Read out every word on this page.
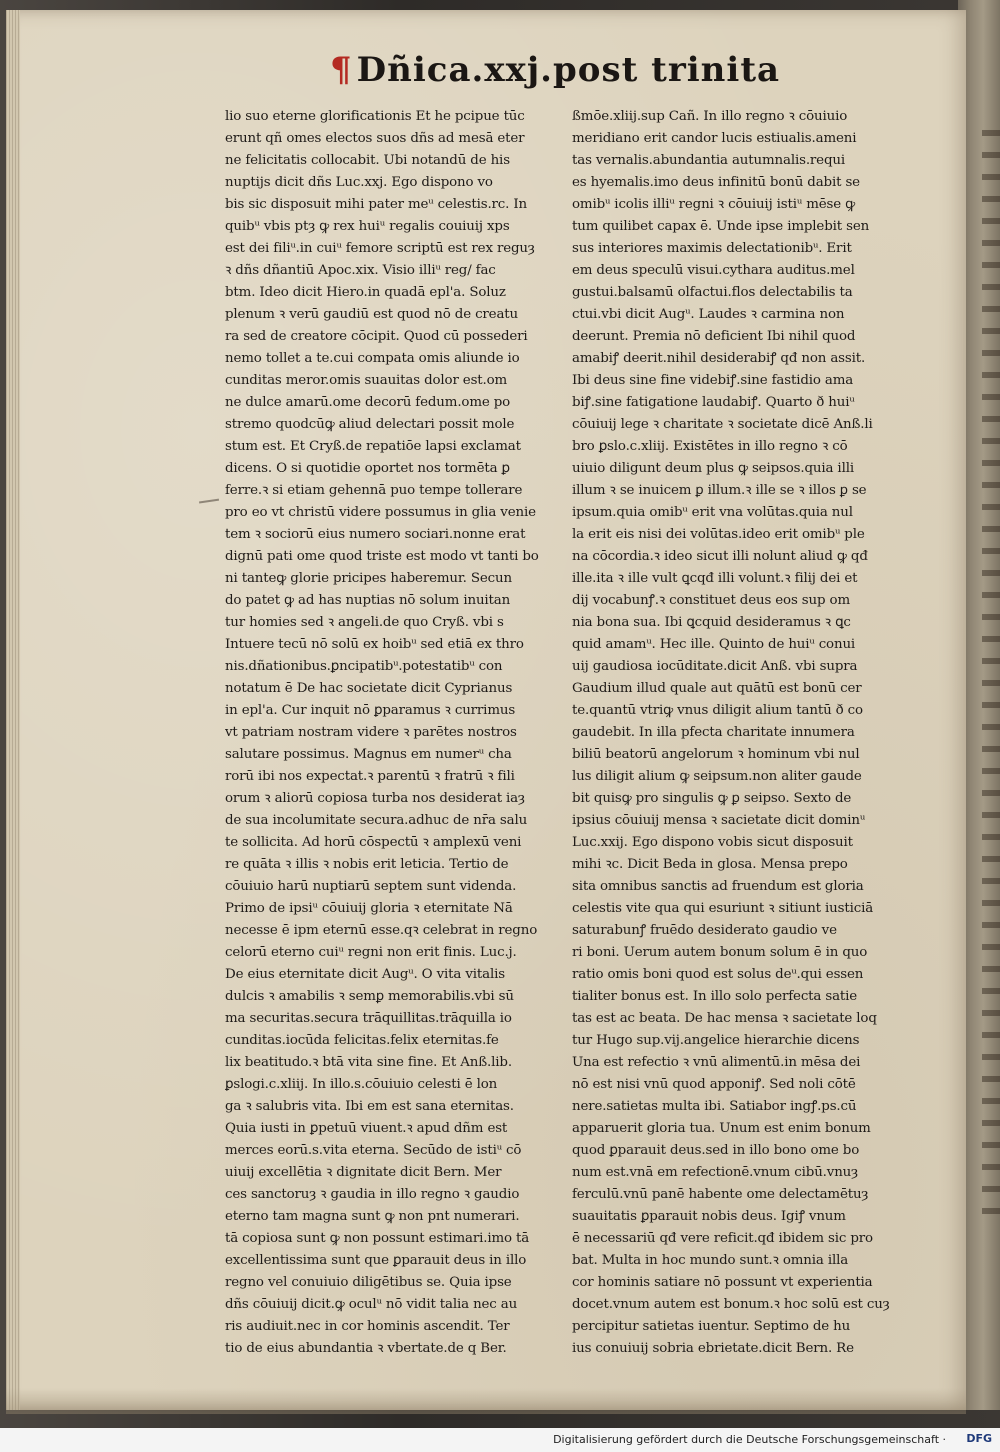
¶ Dñica.xxj.post trinita
lio suo eterne glorificationis Et he pcipue tūc
erunt qñ omes electos suos dñs ad mesā eter
ne felicitatis collocabit. Ubi notandū de his
nuptijs dicit dñs Luc.xxj. Ego dispono vo
bis sic disposuit mihi pater meᵘ celestis.rc. In
quibᵘ vbis ptȝ ꝙ rex huiᵘ regalis couiuij xps
est dei filiᵘ.in cuiᵘ femore scriptū est rex reguȝ
ꝛ dñs dñantiū Apoc.xix. Visio illiᵘ reg/ fac
btm. Ideo dicit Hiero.in quadā epl'a. Soluz
plenum ꝛ verū gaudiū est quod nō de creatu
ra sed de creatore cōcipit. Quod cū possederi
nemo tollet a te.cui compata omis aliunde io
cunditas meror.omis suauitas dolor est.om
ne dulce amarū.ome decorū fedum.ome po
stremo quodcūꝙ aliud delectari possit mole
stum est. Et Cryß.de repatiōe lapsi exclamat
dicens. O si quotidie oportet nos tormēta ꝑ
ferre.ꝛ si etiam gehennā puo tempe tollerare
pro eo vt christū videre possumus in glia venie
tem ꝛ sociorū eius numero sociari.nonne erat
dignū pati ome quod triste est modo vt tanti bo
ni tanteꝙ glorie pricipes haberemur. Secun
do patet ꝙ ad has nuptias nō solum inuitan
tur homies sed ꝛ angeli.de quo Cryß. vbi s
Intuere tecū nō solū ex hoibᵘ sed etiā ex thro
nis.dñationibus.ꝑncipatibᵘ.potestatibᵘ con
notatum ē De hac societate dicit Cyprianus
in epl'a. Cur inquit nō ꝑparamus ꝛ currimus
vt patriam nostram videre ꝛ parētes nostros
salutare possimus. Magnus em numerᵘ cha
rorū ibi nos expectat.ꝛ parentū ꝛ fratrū ꝛ fili
orum ꝛ aliorū copiosa turba nos desiderat iaȝ
de sua incolumitate secura.adhuc de nr̄a salu
te sollicita. Ad horū cōspectū ꝛ amplexū veni
re quāta ꝛ illis ꝛ nobis erit leticia. Tertio de
cōuiuio harū nuptiarū septem sunt videnda.
Primo de ipsiᵘ cōuiuij gloria ꝛ eternitate Nā
necesse ē ipm eternū esse.qꝛ celebrat in regno
celorū eterno cuiᵘ regni non erit finis. Luc.j.
De eius eternitate dicit Augᵘ. O vita vitalis
dulcis ꝛ amabilis ꝛ semꝑ memorabilis.vbi sū
ma securitas.secura trāquillitas.trāquilla io
cunditas.iocūda felicitas.felix eternitas.fe
lix beatitudo.ꝛ btā vita sine fine. Et Anß.lib.
ꝑslogi.c.xliij. In illo.s.cōuiuio celesti ē lon
ga ꝛ salubris vita. Ibi em est sana eternitas.
Quia iusti in ꝑpetuū viuent.ꝛ apud dñm est
merces eorū.s.vita eterna. Secūdo de istiᵘ cō
uiuij excellētia ꝛ dignitate dicit Bern. Mer
ces sanctoruȝ ꝛ gaudia in illo regno ꝛ gaudio
eterno tam magna sunt ꝙ non pnt numerari.
tā copiosa sunt ꝙ non possunt estimari.imo tā
excellentissima sunt que ꝑparauit deus in illo
regno vel conuiuio diligētibus se. Quia ipse
dñs cōuiuij dicit.ꝙ oculᵘ nō vidit talia nec au
ris audiuit.nec in cor hominis ascendit. Ter
tio de eius abundantia ꝛ vbertate.de q Ber.
ßmōe.xliij.sup Cañ. In illo regno ꝛ cōuiuio
meridiano erit candor lucis estiualis.ameni
tas vernalis.abundantia autumnalis.requi
es hyemalis.imo deus infinitū bonū dabit se
omibᵘ icolis illiᵘ regni ꝛ cōuiuij istiᵘ mēse ꝙ
tum quilibet capax ē. Unde ipse implebit sen
sus interiores maximis delectationibᵘ. Erit
em deus speculū visui.cythara auditus.mel
gustui.balsamū olfactui.flos delectabilis ta
ctui.vbi dicit Augᵘ. Laudes ꝛ carmina non
deerunt. Premia nō deficient Ibi nihil quod
amabiꝭ deerit.nihil desiderabiꝭ qđ non assit.
Ibi deus sine fine videbiꝭ.sine fastidio ama
biꝭ.sine fatigatione laudabiꝭ. Quarto ð huiᵘ
cōuiuij lege ꝛ charitate ꝛ societate dicē Anß.li
bro ꝑslo.c.xliij. Existētes in illo regno ꝛ cō
uiuio diligunt deum plus ꝙ seipsos.quia illi
illum ꝛ se inuicem ꝑ illum.ꝛ ille se ꝛ illos ꝑ se
ipsum.quia omibᵘ erit vna volūtas.quia nul
la erit eis nisi dei volūtas.ideo erit omibᵘ ple
na cōcordia.ꝛ ideo sicut illi nolunt aliud ꝙ qđ
ille.ita ꝛ ille vult ꝗcqđ illi volunt.ꝛ filij dei et
dij vocabunꝭ.ꝛ constituet deus eos sup om
nia bona sua. Ibi ꝗcquid desideramus ꝛ ꝗc
quid amamᵘ. Hec ille. Quinto de huiᵘ conui
uij gaudiosa iocūditate.dicit Anß. vbi supra
Gaudium illud quale aut quātū est bonū cer
te.quantū vtriꝙ vnus diligit alium tantū ð co
gaudebit. In illa pfecta charitate innumera
biliū beatorū angelorum ꝛ hominum vbi nul
lus diligit alium ꝙ seipsum.non aliter gaude
bit quisꝙ pro singulis ꝙ ꝑ seipso. Sexto de
ipsius cōuiuij mensa ꝛ sacietate dicit dominᵘ
Luc.xxij. Ego dispono vobis sicut disposuit
mihi ꝛc. Dicit Beda in glosa. Mensa prepo
sita omnibus sanctis ad fruendum est gloria
celestis vite qua qui esuriunt ꝛ sitiunt iusticiā
saturabunꝭ fruēdo desiderato gaudio ve
ri boni. Uerum autem bonum solum ē in quo
ratio omis boni quod est solus deᵘ.qui essen
tialiter bonus est. In illo solo perfecta satie
tas est ac beata. De hac mensa ꝛ sacietate loq
tur Hugo sup.vij.angelice hierarchie dicens
Una est refectio ꝛ vnū alimentū.in mēsa dei
nō est nisi vnū quod apponiꝭ. Sed noli cōtē
nere.satietas multa ibi. Satiabor ingꝭ.ps.cū
apparuerit gloria tua. Unum est enim bonum
quod ꝑparauit deus.sed in illo bono ome bo
num est.vnā em refectionē.vnum cibū.vnuȝ
ferculū.vnū panē habente ome delectamētuȝ
suauitatis ꝑparauit nobis deus. Igiꝭ vnum
ē necessariū qđ vere reficit.qđ ibidem sic pro
bat. Multa in hoc mundo sunt.ꝛ omnia illa
cor hominis satiare nō possunt vt experientia
docet.vnum autem est bonum.ꝛ hoc solū est cuȝ
percipitur satietas iuentur. Septimo de hu
ius conuiuij sobria ebrietate.dicit Bern. Re
Digitalisierung gefördert durch die Deutsche Forschungsgemeinschaft · DFG
